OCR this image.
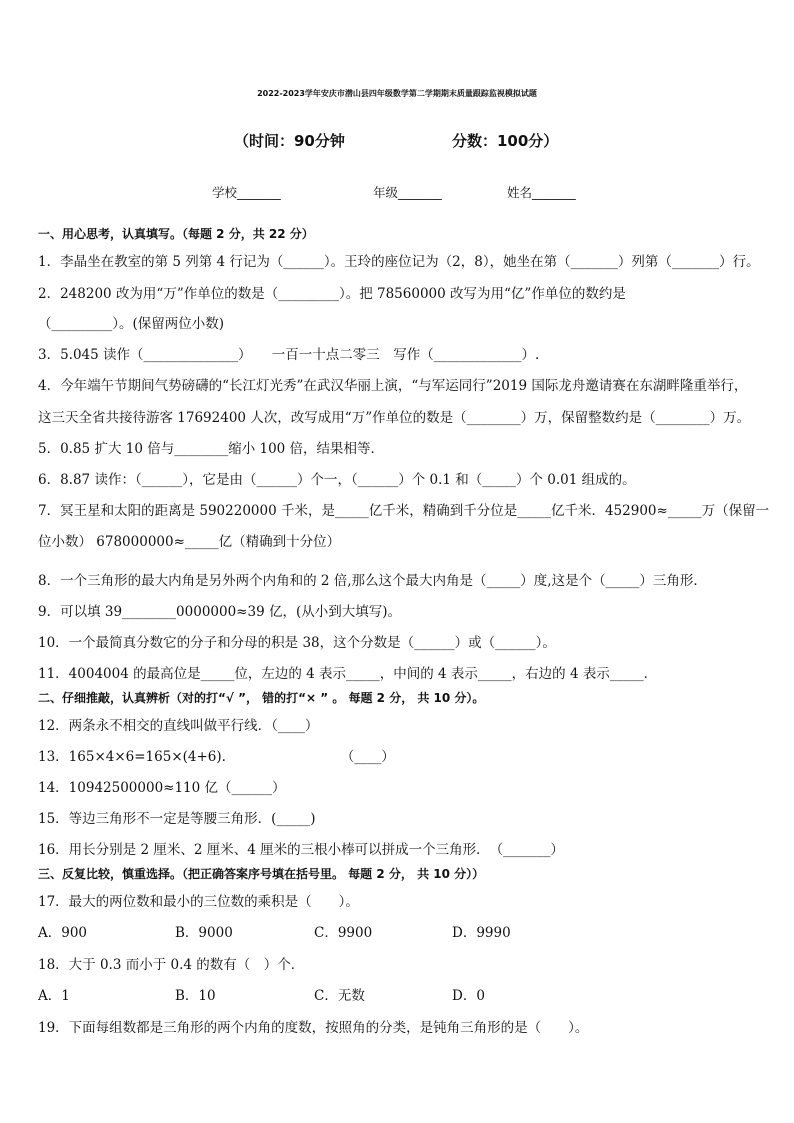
2022-2023学年安庆市潜山县四年级数学第二学期期末质量跟踪监视模拟试题
（时间：90分钟	分数：100分）
学校_______	年级_______	姓名_______
一、用心思考，认真填写。（每题 2 分，共 22 分）
1．李晶坐在教室的第 5 列第 4 行记为（______）。王玲的座位记为（2，8），她坐在第（_______）列第（_______）行。
2．248200 改为用“万”作单位的数是（_________）。把 78560000 改写为用“亿”作单位的数约是
（_________）。(保留两位小数)
3．5.045 读作（______________）　　一百一十点二零三　写作（_____________）.
4．今年端午节期间气势磅礴的“长江灯光秀”在武汉华丽上演，“与军运同行”2019 国际龙舟邀请赛在东湖畔隆重举行，
这三天全省共接待游客 17692400 人次，改写成用“万”作单位的数是（________）万，保留整数约是（________）万。
5．0.85 扩大 10 倍与________缩小 100 倍，结果相等．
6．8.87 读作：（______），它是由（______）个一，（______）个 0.1 和（_____）个 0.01 组成的。
7．冥王星和太阳的距离是 590220000 千米，是_____亿千米，精确到千分位是_____亿千米．452900≈_____万（保留一
位小数） 678000000≈_____亿（精确到十分位）
8．一个三角形的最大内角是另外两个内角和的 2 倍,那么这个最大内角是（_____）度,这是个（_____）三角形．
9．可以填 39________0000000≈39 亿，(从小到大填写)。
10．一个最简真分数它的分子和分母的积是 38，这个分数是（______）或（______）。
11．4004004 的最高位是_____位，左边的 4 表示_____，中间的 4 表示_____，右边的 4 表示_____．
二、仔细推敲，认真辨析（对的打“√ ”， 错的打“× ” 。 每题 2 分， 共 10 分）。
12．两条永不相交的直线叫做平行线．（____）
13．165×4×6=165×(4+6).　　　　　　　　　（____）
14．10942500000≈110 亿（______）
15．等边三角形不一定是等腰三角形．(_____)
16．用长分别是 2 厘米、2 厘米、4 厘米的三根小棒可以拼成一个三角形．　（_______）
三、反复比较，慎重选择。（把正确答案序号填在括号里。 每题 2 分， 共 10 分））
17．最大的两位数和最小的三位数的乘积是（　　）。
A．900	B．9000	C．9900	D．9990
18．大于 0.3 而小于 0.4 的数有（　）个．
A．1	B．10	C．无数	D．0
19．下面每组数都是三角形的两个内角的度数，按照角的分类，是钝角三角形的是（　　）。
